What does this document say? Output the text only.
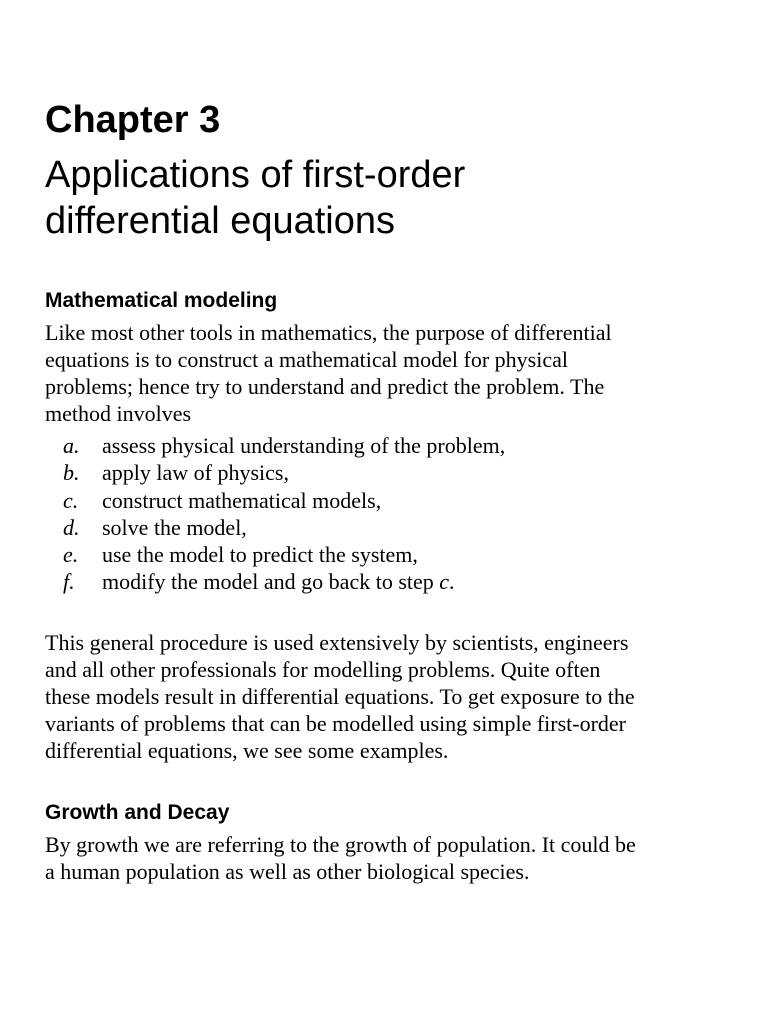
Chapter 3
Applications of first-order
differential equations
Mathematical modeling

Like most other tools in mathematics, the purpose of differential
equations is to construct a mathematical model for physical
problems; hence try to understand and predict the problem. The
method involves

a. assess physical understanding of the problem,
b. apply law of physics,
c. construct mathematical models,
d. solve the model,
e. use the model to predict the system,
f. modify the model and go back to step c.

This general procedure is used extensively by scientists, engineers
and all other professionals for modelling problems. Quite often
these models result in differential equations. To get exposure to the
variants of problems that can be modelled using simple first-order
differential equations, we see some examples.

Growth and Decay

By growth we are referring to the growth of population. It could be
a human population as well as other biological species.
